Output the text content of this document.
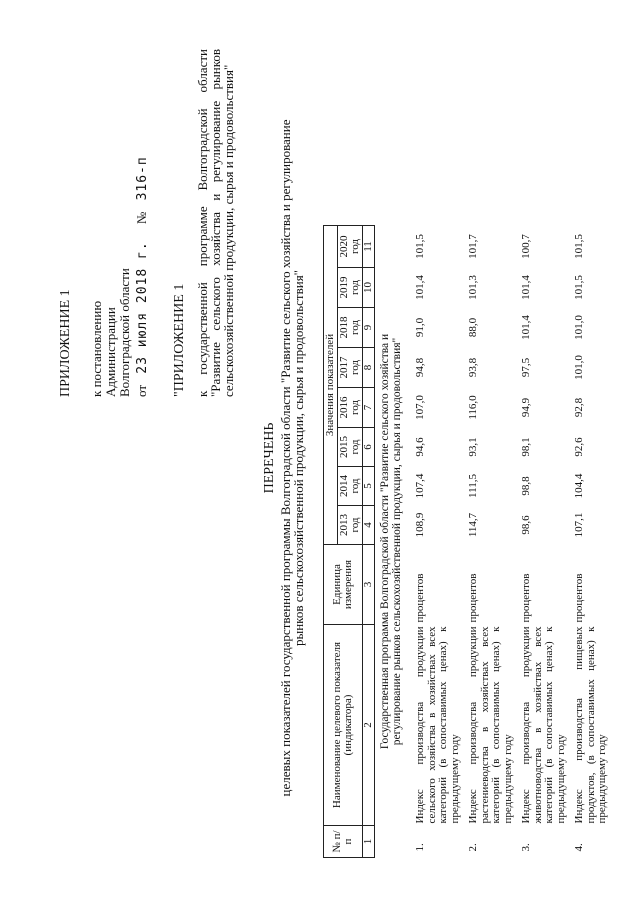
ПРИЛОЖЕНИЕ 1 к постановлению Администрации Волгоградской области от 23 июля 2018 г. № 316-п
"ПРИЛОЖЕНИЕ 1 к государственной программе Волгоградской области "Развитие сельского хозяйства и регулирование рынков сельскохозяйственной продукции, сырья и продовольствия"
ПЕРЕЧЕНЬ целевых показателей государственной программы Волгоградской области "Развитие сельского хозяйства и регулирование
рынков сельскохозяйственной продукции, сырья и продовольствия"
№ п/п	Наименование целевого показателя (индикатора)	Единица измерения	Значения показателей							
			2013 год	2014 год	2015 год	2016 год	2017 год	2018 год	2019 год	2020 год
1	2	3	4	5	6	7	8	9	10	11

Государственная программа Волгоградской области "Развитие сельского хозяйства и регулирование рынков сельскохозяйственной продукции, сырья и продовольствия"										

1.	Индекс производства продукции сельского хозяйства в хозяйствах всех категорий (в сопоставимых ценах) к предыдущему году	процентов	108,9	107,4	94,6	107,0	94,8	91,0	101,4	101,5
2.	Индекс производства продукции растениеводства в хозяйствах всех категорий (в сопоставимых ценах) к предыдущему году	процентов	114,7	111,5	93,1	116,0	93,8	88,0	101,3	101,7
3.	Индекс производства продукции животноводства в хозяйствах всех категорий (в сопоставимых ценах) к предыдущему году	процентов	98,6	98,8	98,1	94,9	97,5	101,4	101,4	100,7
4.	Индекс производства пищевых продуктов, (в сопоставимых ценах) к предыдущему году	процентов	107,1	104,4	92,6	92,8	101,0	101,0	101,5	101,5
